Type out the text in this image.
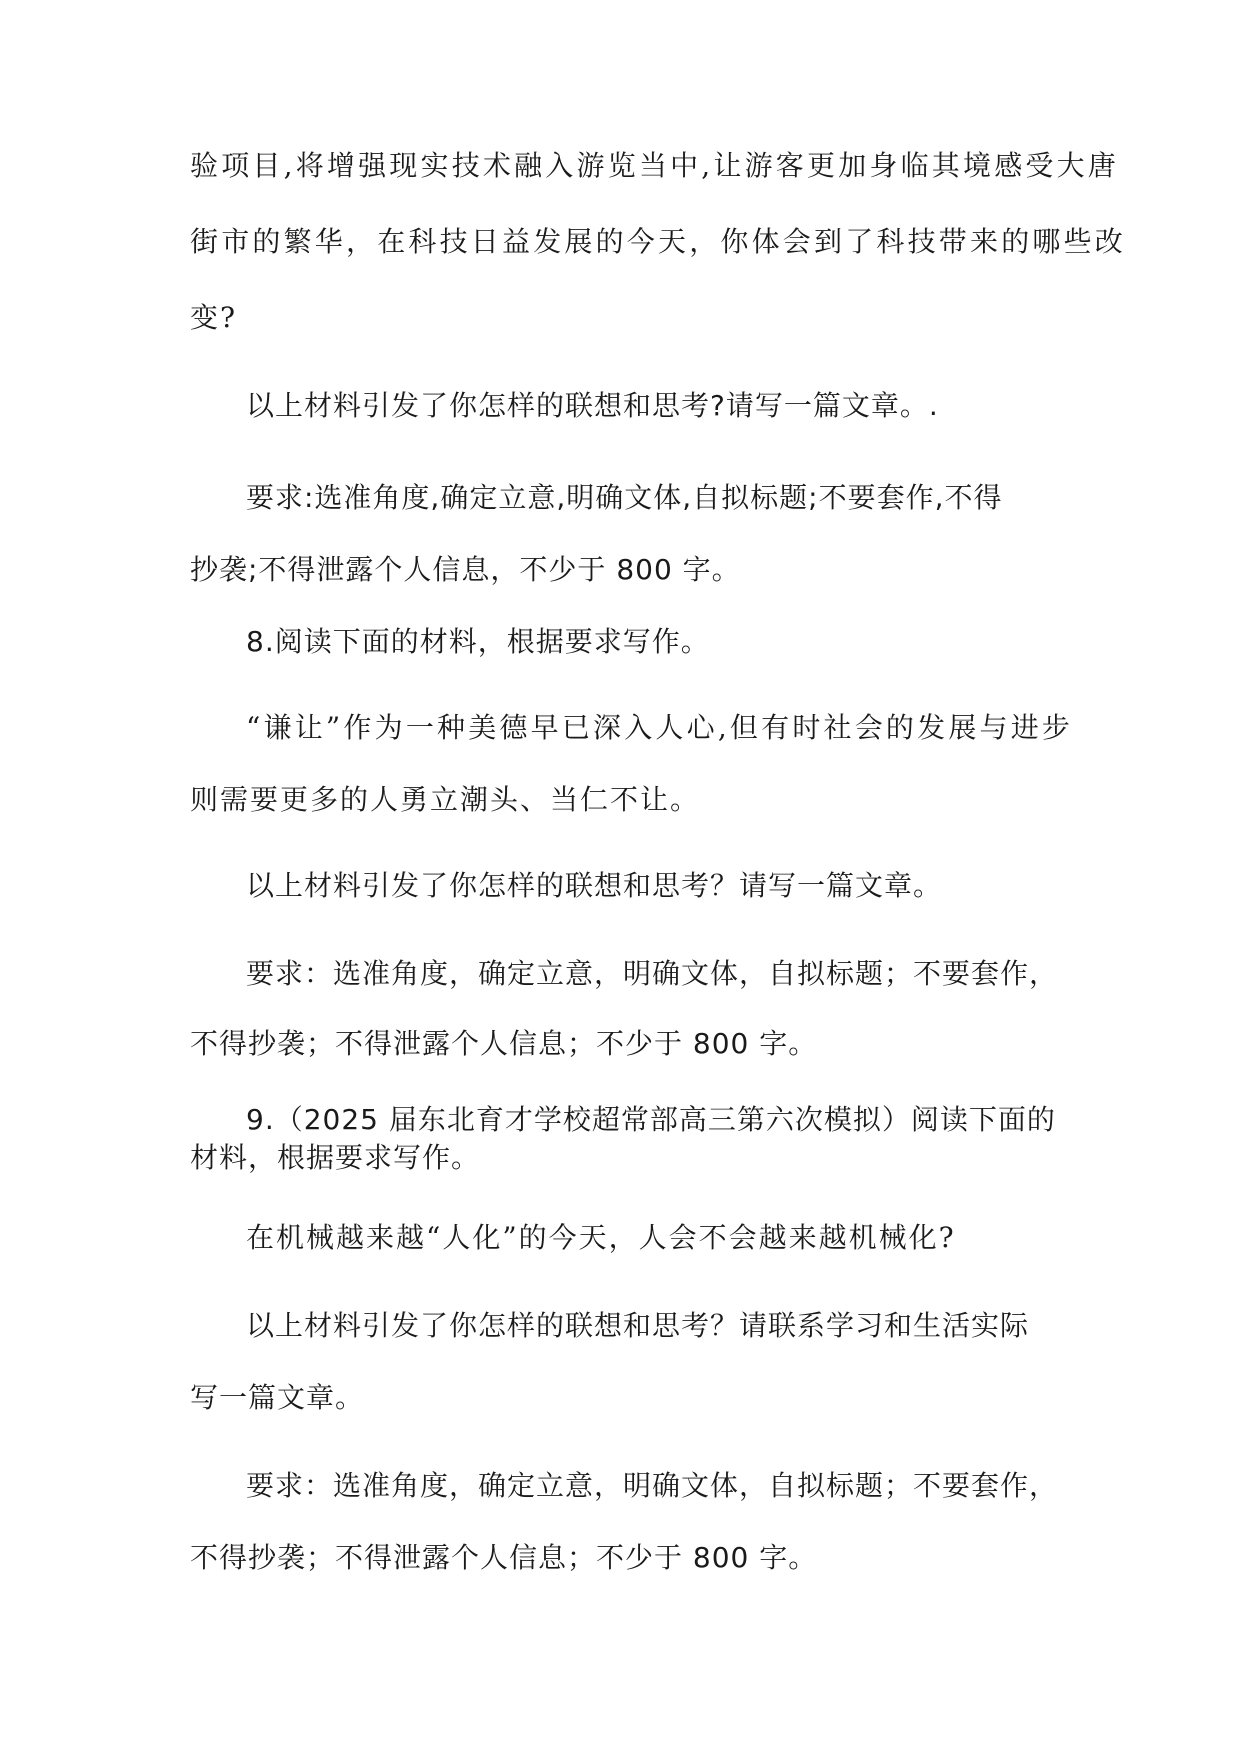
验项目,将增强现实技术融入游览当中,让游客更加身临其境感受大唐
街市的繁华，在科技日益发展的今天，你体会到了科技带来的哪些改
变?
以上材料引发了你怎样的联想和思考?请写一篇文章。.
要求:选准角度,确定立意,明确文体,自拟标题;不要套作,不得
抄袭;不得泄露个人信息，不少于 800 字。
8.阅读下面的材料，根据要求写作。
“谦让”作为一种美德早已深入人心,但有时社会的发展与进步
则需要更多的人勇立潮头、当仁不让。
以上材料引发了你怎样的联想和思考？请写一篇文章。
要求：选准角度，确定立意，明确文体，自拟标题；不要套作，
不得抄袭；不得泄露个人信息；不少于 800 字。
9.（2025 届东北育才学校超常部高三第六次模拟）阅读下面的
材料，根据要求写作。
在机械越来越“人化”的今天，人会不会越来越机械化?
以上材料引发了你怎样的联想和思考？请联系学习和生活实际
写一篇文章。
要求：选准角度，确定立意，明确文体，自拟标题；不要套作，
不得抄袭；不得泄露个人信息；不少于 800 字。
